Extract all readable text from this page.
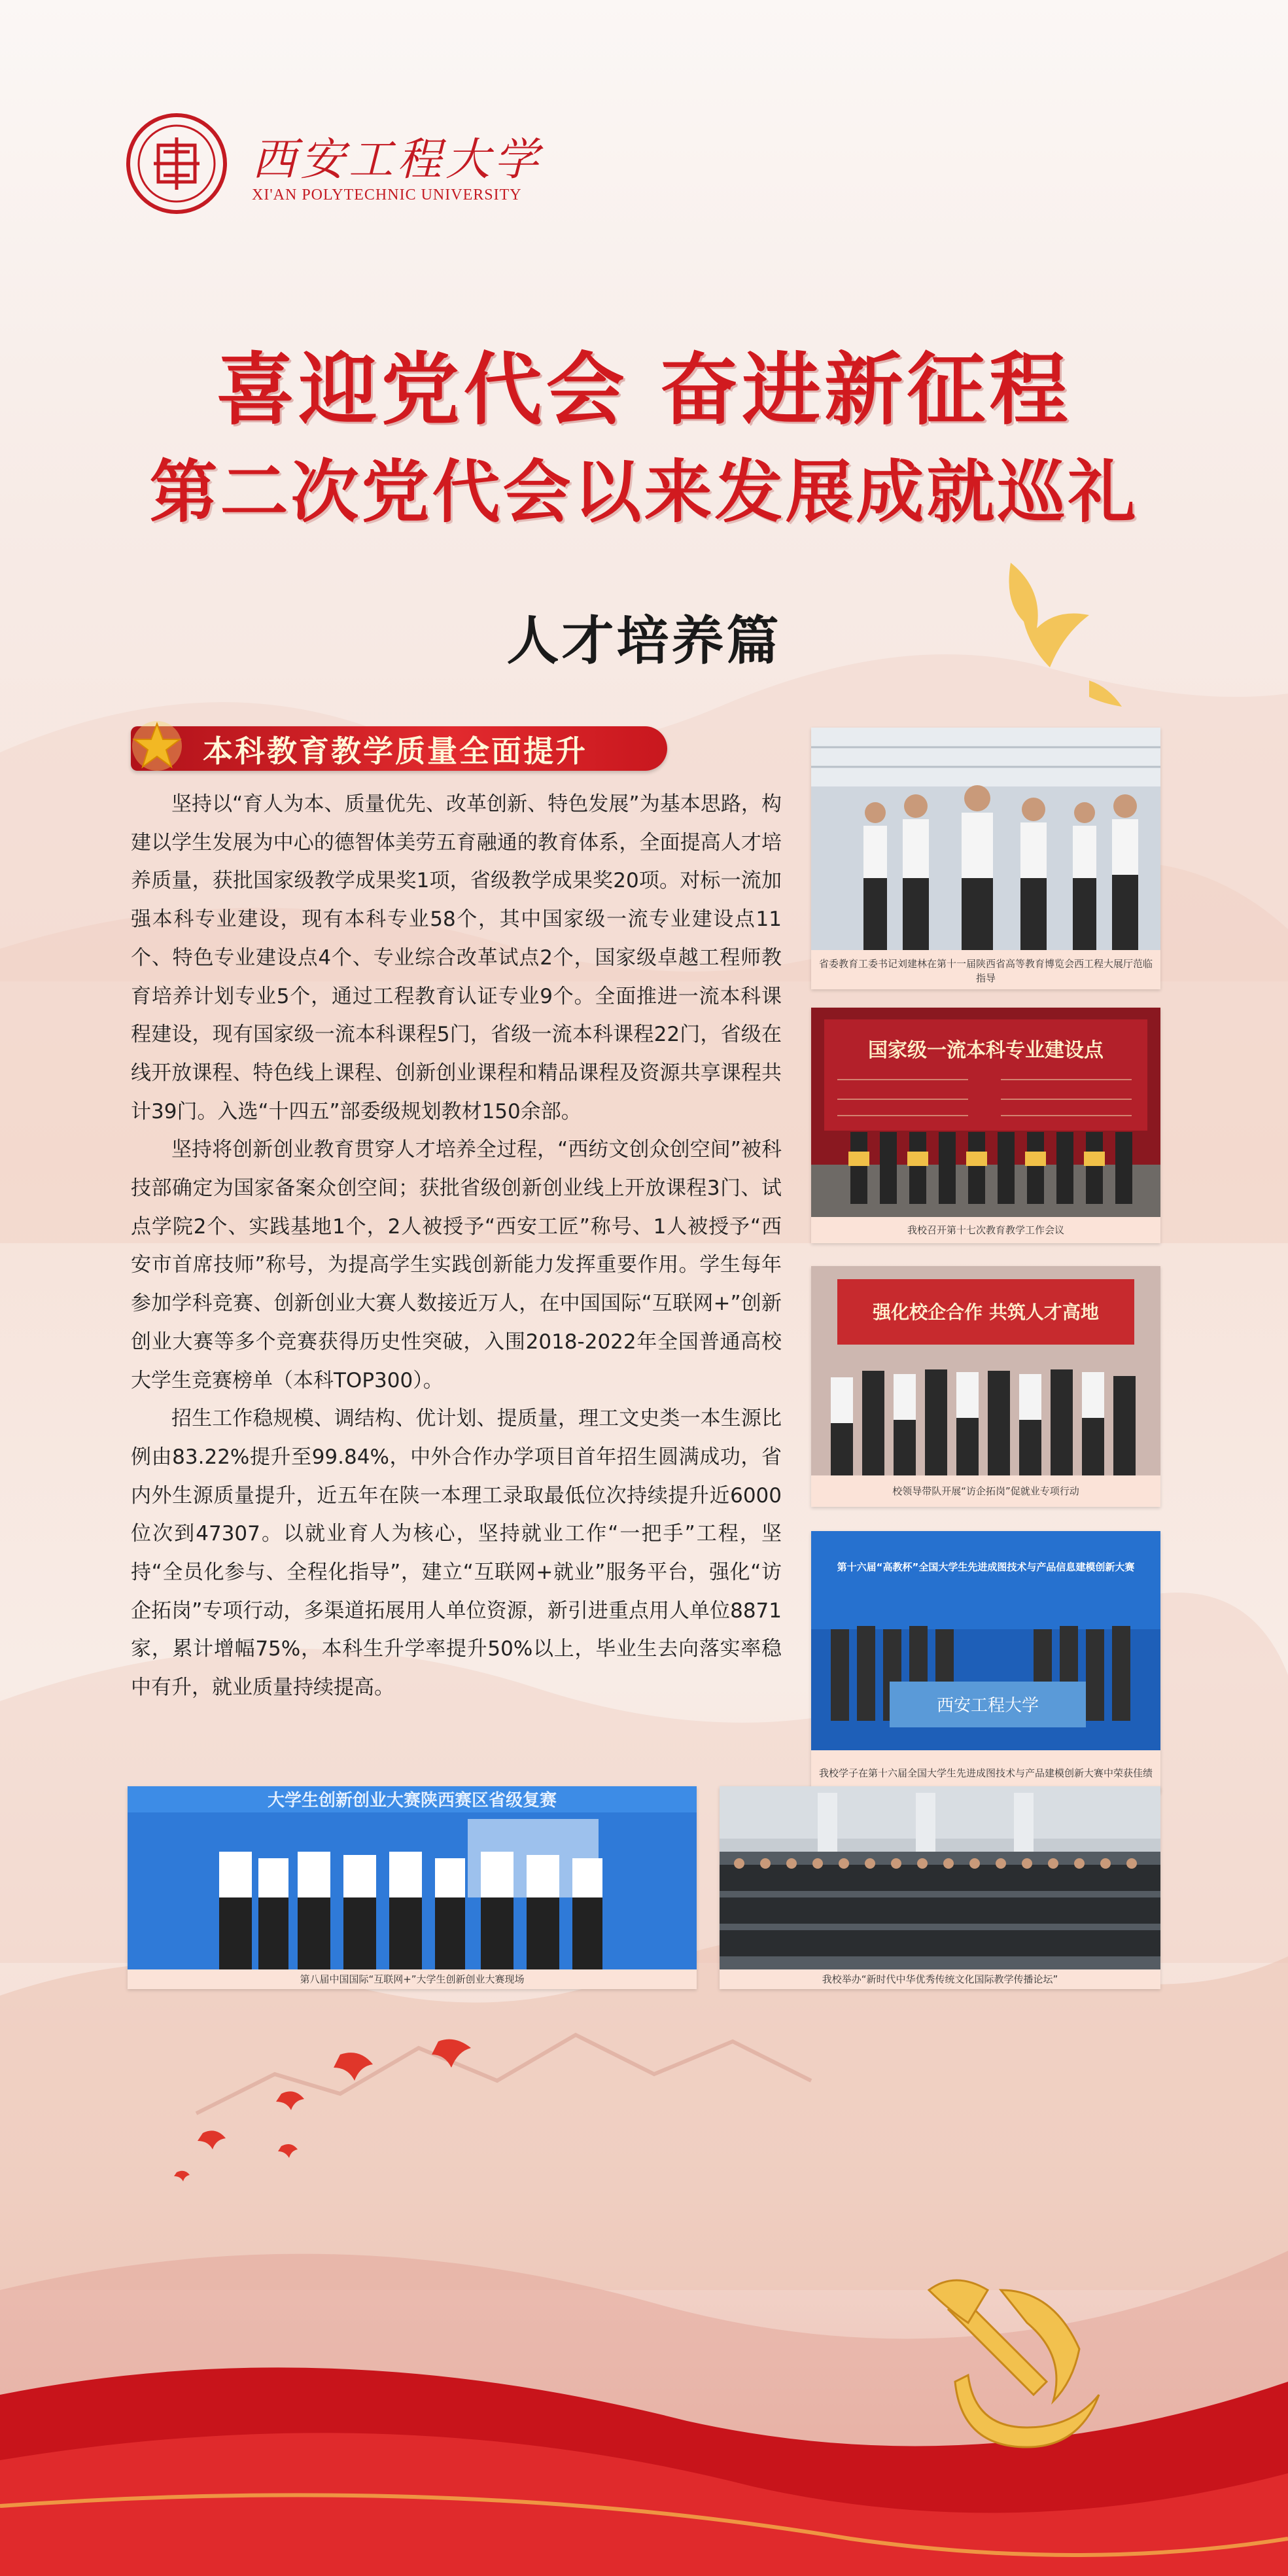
西安工程大学
XI'AN POLYTECHNIC UNIVERSITY
喜迎党代会 奋进新征程
第二次党代会以来发展成就巡礼
人才培养篇
本科教育教学质量全面提升

坚持以“育人为本、质量优先、改革创新、特色发展”为基本思路，构建以学生发展为中心的德智体美劳五育融通的教育体系，全面提高人才培养质量，获批国家级教学成果奖1项，省级教学成果奖20项。对标一流加强本科专业建设，现有本科专业58个，其中国家级一流专业建设点11个、特色专业建设点4个、专业综合改革试点2个，国家级卓越工程师教育培养计划专业5个，通过工程教育认证专业9个。全面推进一流本科课程建设，现有国家级一流本科课程5门，省级一流本科课程22门，省级在线开放课程、特色线上课程、创新创业课程和精品课程及资源共享课程共计39门。入选“十四五”部委级规划教材150余部。

坚持将创新创业教育贯穿人才培养全过程，“西纺文创众创空间”被科技部确定为国家备案众创空间；获批省级创新创业线上开放课程3门、试点学院2个、实践基地1个，2人被授予“西安工匠”称号、1人被授予“西安市首席技师”称号，为提高学生实践创新能力发挥重要作用。学生每年参加学科竞赛、创新创业大赛人数接近万人，在中国国际“互联网+”创新创业大赛等多个竞赛获得历史性突破，入围2018-2022年全国普通高校大学生竞赛榜单（本科TOP300）。

招生工作稳规模、调结构、优计划、提质量，理工文史类一本生源比例由83.22%提升至99.84%，中外合作办学项目首年招生圆满成功，省内外生源质量提升，近五年在陕一本理工录取最低位次持续提升近6000位次到47307。以就业育人为核心，坚持就业工作“一把手”工程，坚持“全员化参与、全程化指导”，建立“互联网+就业”服务平台，强化“访企拓岗”专项行动，多渠道拓展用人单位资源，新引进重点用人单位8871家，累计增幅75%，本科生升学率提升50%以上，毕业生去向落实率稳中有升，就业质量持续提高。

省委教育工委书记刘建林在第十一届陕西省高等教育博览会西工程大展厅范临指导
国家级一流本科专业建设点
我校召开第十七次教育教学工作会议
强化校企合作 共筑人才高地
校领导带队开展“访企拓岗”促就业专项行动
第十六届“高教杯”全国大学生先进成图技术与产品信息建模创新大赛
西安工程大学
我校学子在第十六届全国大学生先进成图技术与产品建模创新大赛中荣获佳绩
大学生创新创业大赛陕西赛区省级复赛
第八届中国国际“互联网+”大学生创新创业大赛现场	我校举办“新时代中华优秀传统文化国际教学传播论坛”
